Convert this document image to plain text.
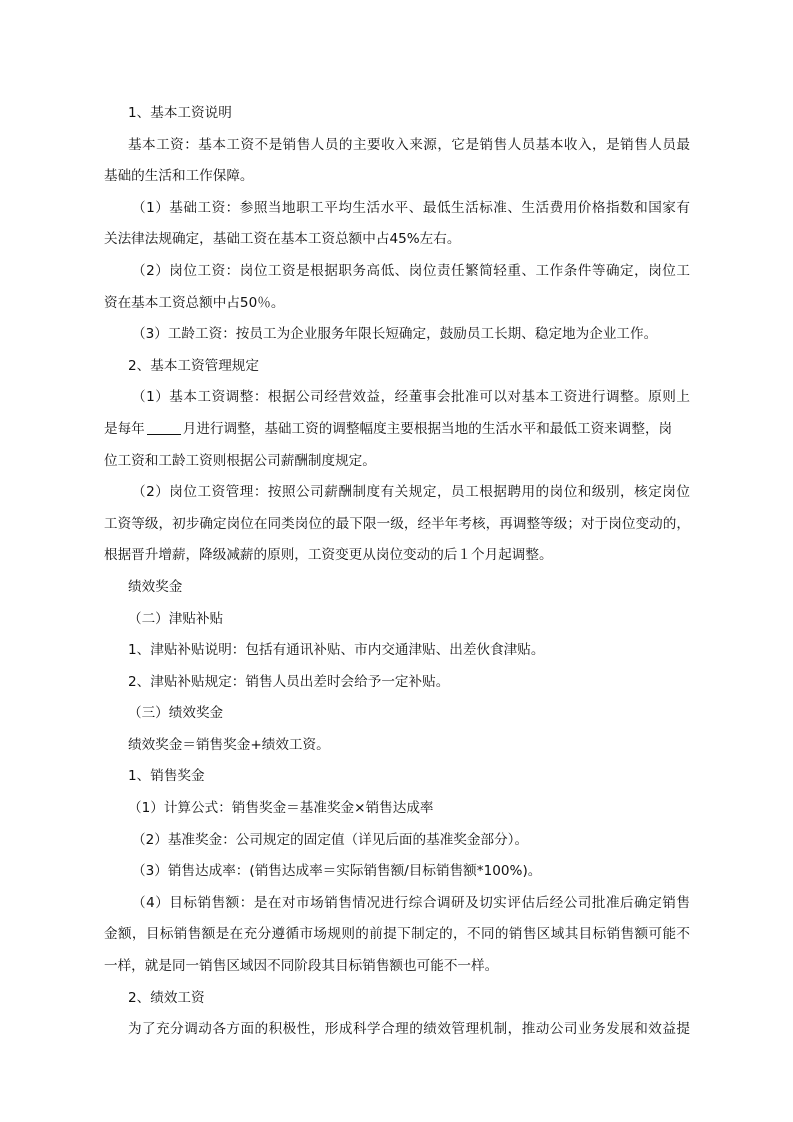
1、基本工资说明
基本工资：基本工资不是销售人员的主要收入来源，它是销售人员基本收入，是销售人员最
基础的生活和工作保障。
（1）基础工资：参照当地职工平均生活水平、最低生活标准、生活费用价格指数和国家有
关法律法规确定，基础工资在基本工资总额中占45%左右。
（2）岗位工资：岗位工资是根据职务高低、岗位责任繁简轻重、工作条件等确定，岗位工
资在基本工资总额中占50％。
（3）工龄工资：按员工为企业服务年限长短确定，鼓励员工长期、稳定地为企业工作。
2、基本工资管理规定
（1）基本工资调整：根据公司经营效益，经董事会批准可以对基本工资进行调整。原则上
是每年	月进行调整，基础工资的调整幅度主要根据当地的生活水平和最低工资来调整，岗
位工资和工龄工资则根据公司薪酬制度规定。
（2）岗位工资管理：按照公司薪酬制度有关规定，员工根据聘用的岗位和级别，核定岗位
工资等级，初步确定岗位在同类岗位的最下限一级，经半年考核，再调整等级；对于岗位变动的，
根据晋升增薪，降级减薪的原则，工资变更从岗位变动的后１个月起调整。
绩效奖金
（二）津贴补贴
1、津贴补贴说明：包括有通讯补贴、市内交通津贴、出差伙食津贴。
2、津贴补贴规定：销售人员出差时会给予一定补贴。
（三）绩效奖金
绩效奖金＝销售奖金+绩效工资。
1、销售奖金
（1）计算公式：销售奖金＝基准奖金×销售达成率
（2）基准奖金：公司规定的固定值（详见后面的基准奖金部分）。
（3）销售达成率：(销售达成率＝实际销售额/目标销售额*100%)。
（4）目标销售额：是在对市场销售情况进行综合调研及切实评估后经公司批准后确定销售
金额，目标销售额是在充分遵循市场规则的前提下制定的，不同的销售区域其目标销售额可能不
一样，就是同一销售区域因不同阶段其目标销售额也可能不一样。
2、绩效工资
为了充分调动各方面的积极性，形成科学合理的绩效管理机制，推动公司业务发展和效益提
